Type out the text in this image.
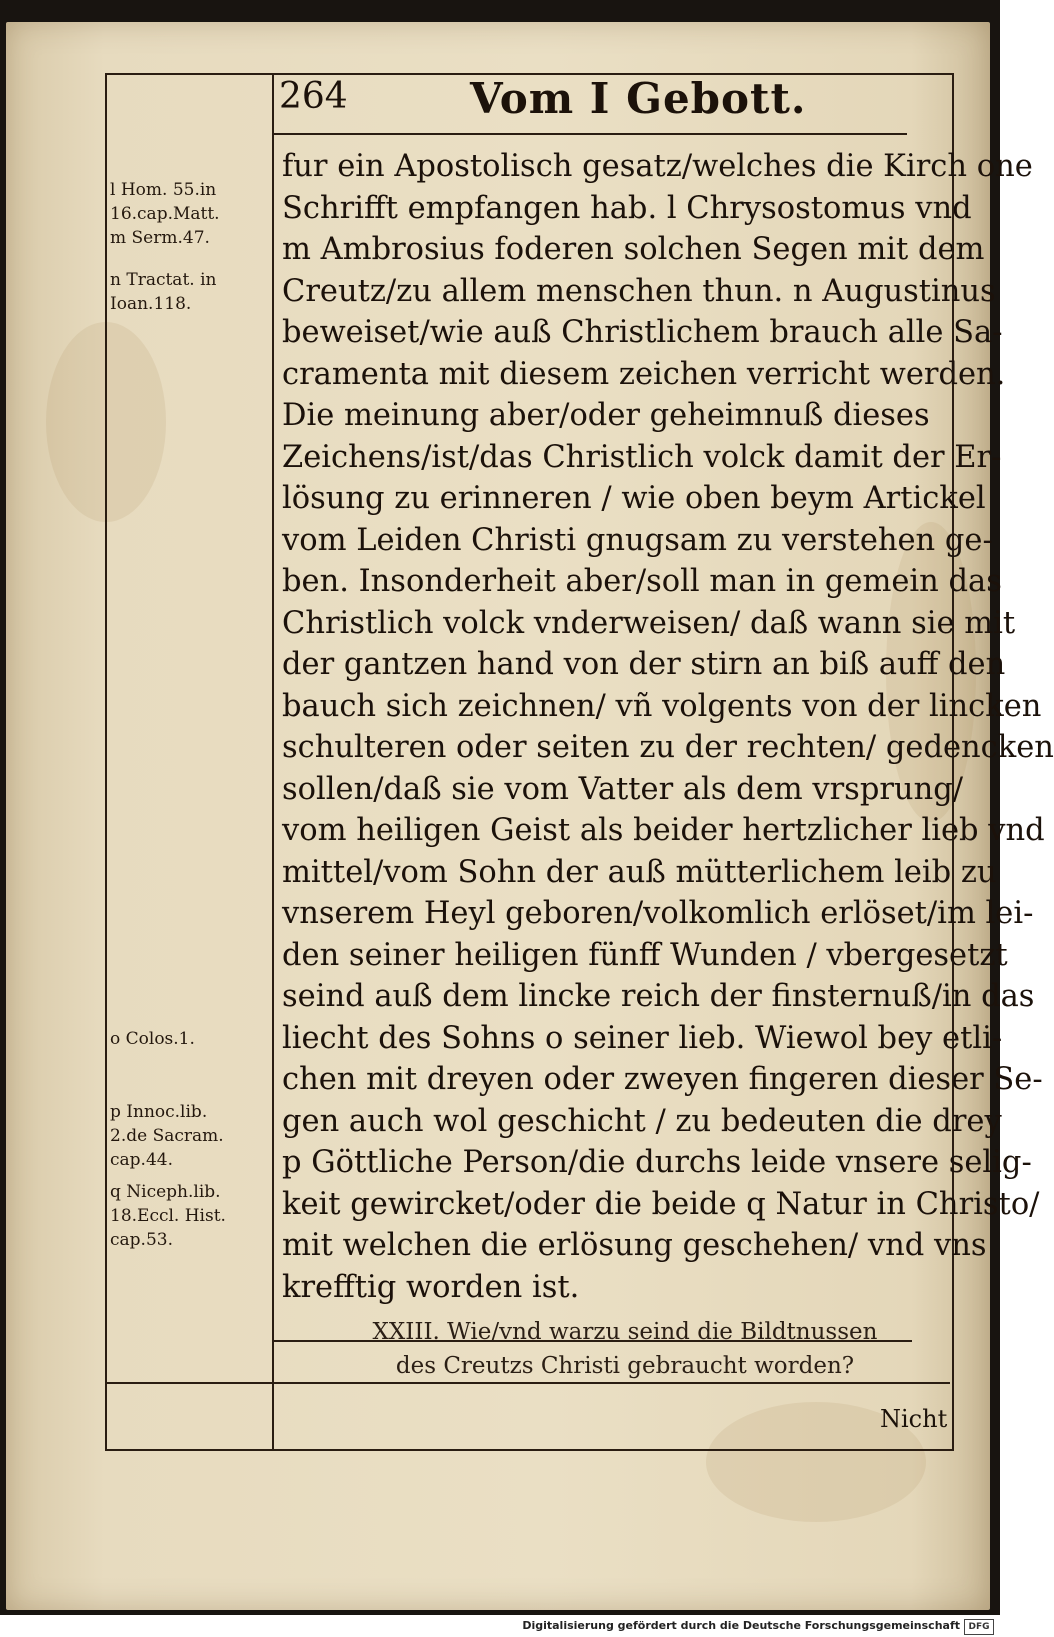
264	Vom I Gebott.
l Hom. 55.in
16.cap.Matt.
m Serm.47.
n Tractat. in
Ioan.118.
o Colos.1.
p Innoc.lib.
2.de Sacram.
cap.44.
q Niceph.lib.
18.Eccl. Hist.
cap.53.
fur ein Apostolisch gesatz/welches die Kirch one
Schrifft empfangen hab. l Chrysostomus vnd
m Ambrosius foderen solchen Segen mit dem
Creutz/zu allem menschen thun. n Augustinus
beweiset/wie auß Christlichem brauch alle Sa-
cramenta mit diesem zeichen verricht werden.
Die meinung aber/oder geheimnuß dieses
Zeichens/ist/das Christlich volck damit der Er-
lösung zu erinneren / wie oben beym Artickel
vom Leiden Christi gnugsam zu verstehen ge-
ben. Insonderheit aber/soll man in gemein das
Christlich volck vnderweisen/ daß wann sie mit
der gantzen hand von der stirn an biß auff den
bauch sich zeichnen/ vñ volgents von der lincken
schulteren oder seiten zu der rechten/ gedencken
sollen/daß sie vom Vatter als dem vrsprung/
vom heiligen Geist als beider hertzlicher lieb vnd
mittel/vom Sohn der auß mütterlichem leib zu
vnserem Heyl geboren/volkomlich erlöset/im lei-
den seiner heiligen fünff Wunden / vbergesetzt
seind auß dem lincke reich der finsternuß/in das
liecht des Sohns o seiner lieb. Wiewol bey etli-
chen mit dreyen oder zweyen fingeren dieser Se-
gen auch wol geschicht / zu bedeuten die drey
p Göttliche Person/die durchs leide vnsere selig-
keit gewircket/oder die beide q Natur in Christo/
mit welchen die erlösung geschehen/ vnd vns
krefftig worden ist.
XXIII. Wie/vnd warzu seind die Bildtnussen
des Creutzs Christi gebraucht worden?
Nicht
Digitalisierung gefördert durch die Deutsche Forschungsgemeinschaft DFG
